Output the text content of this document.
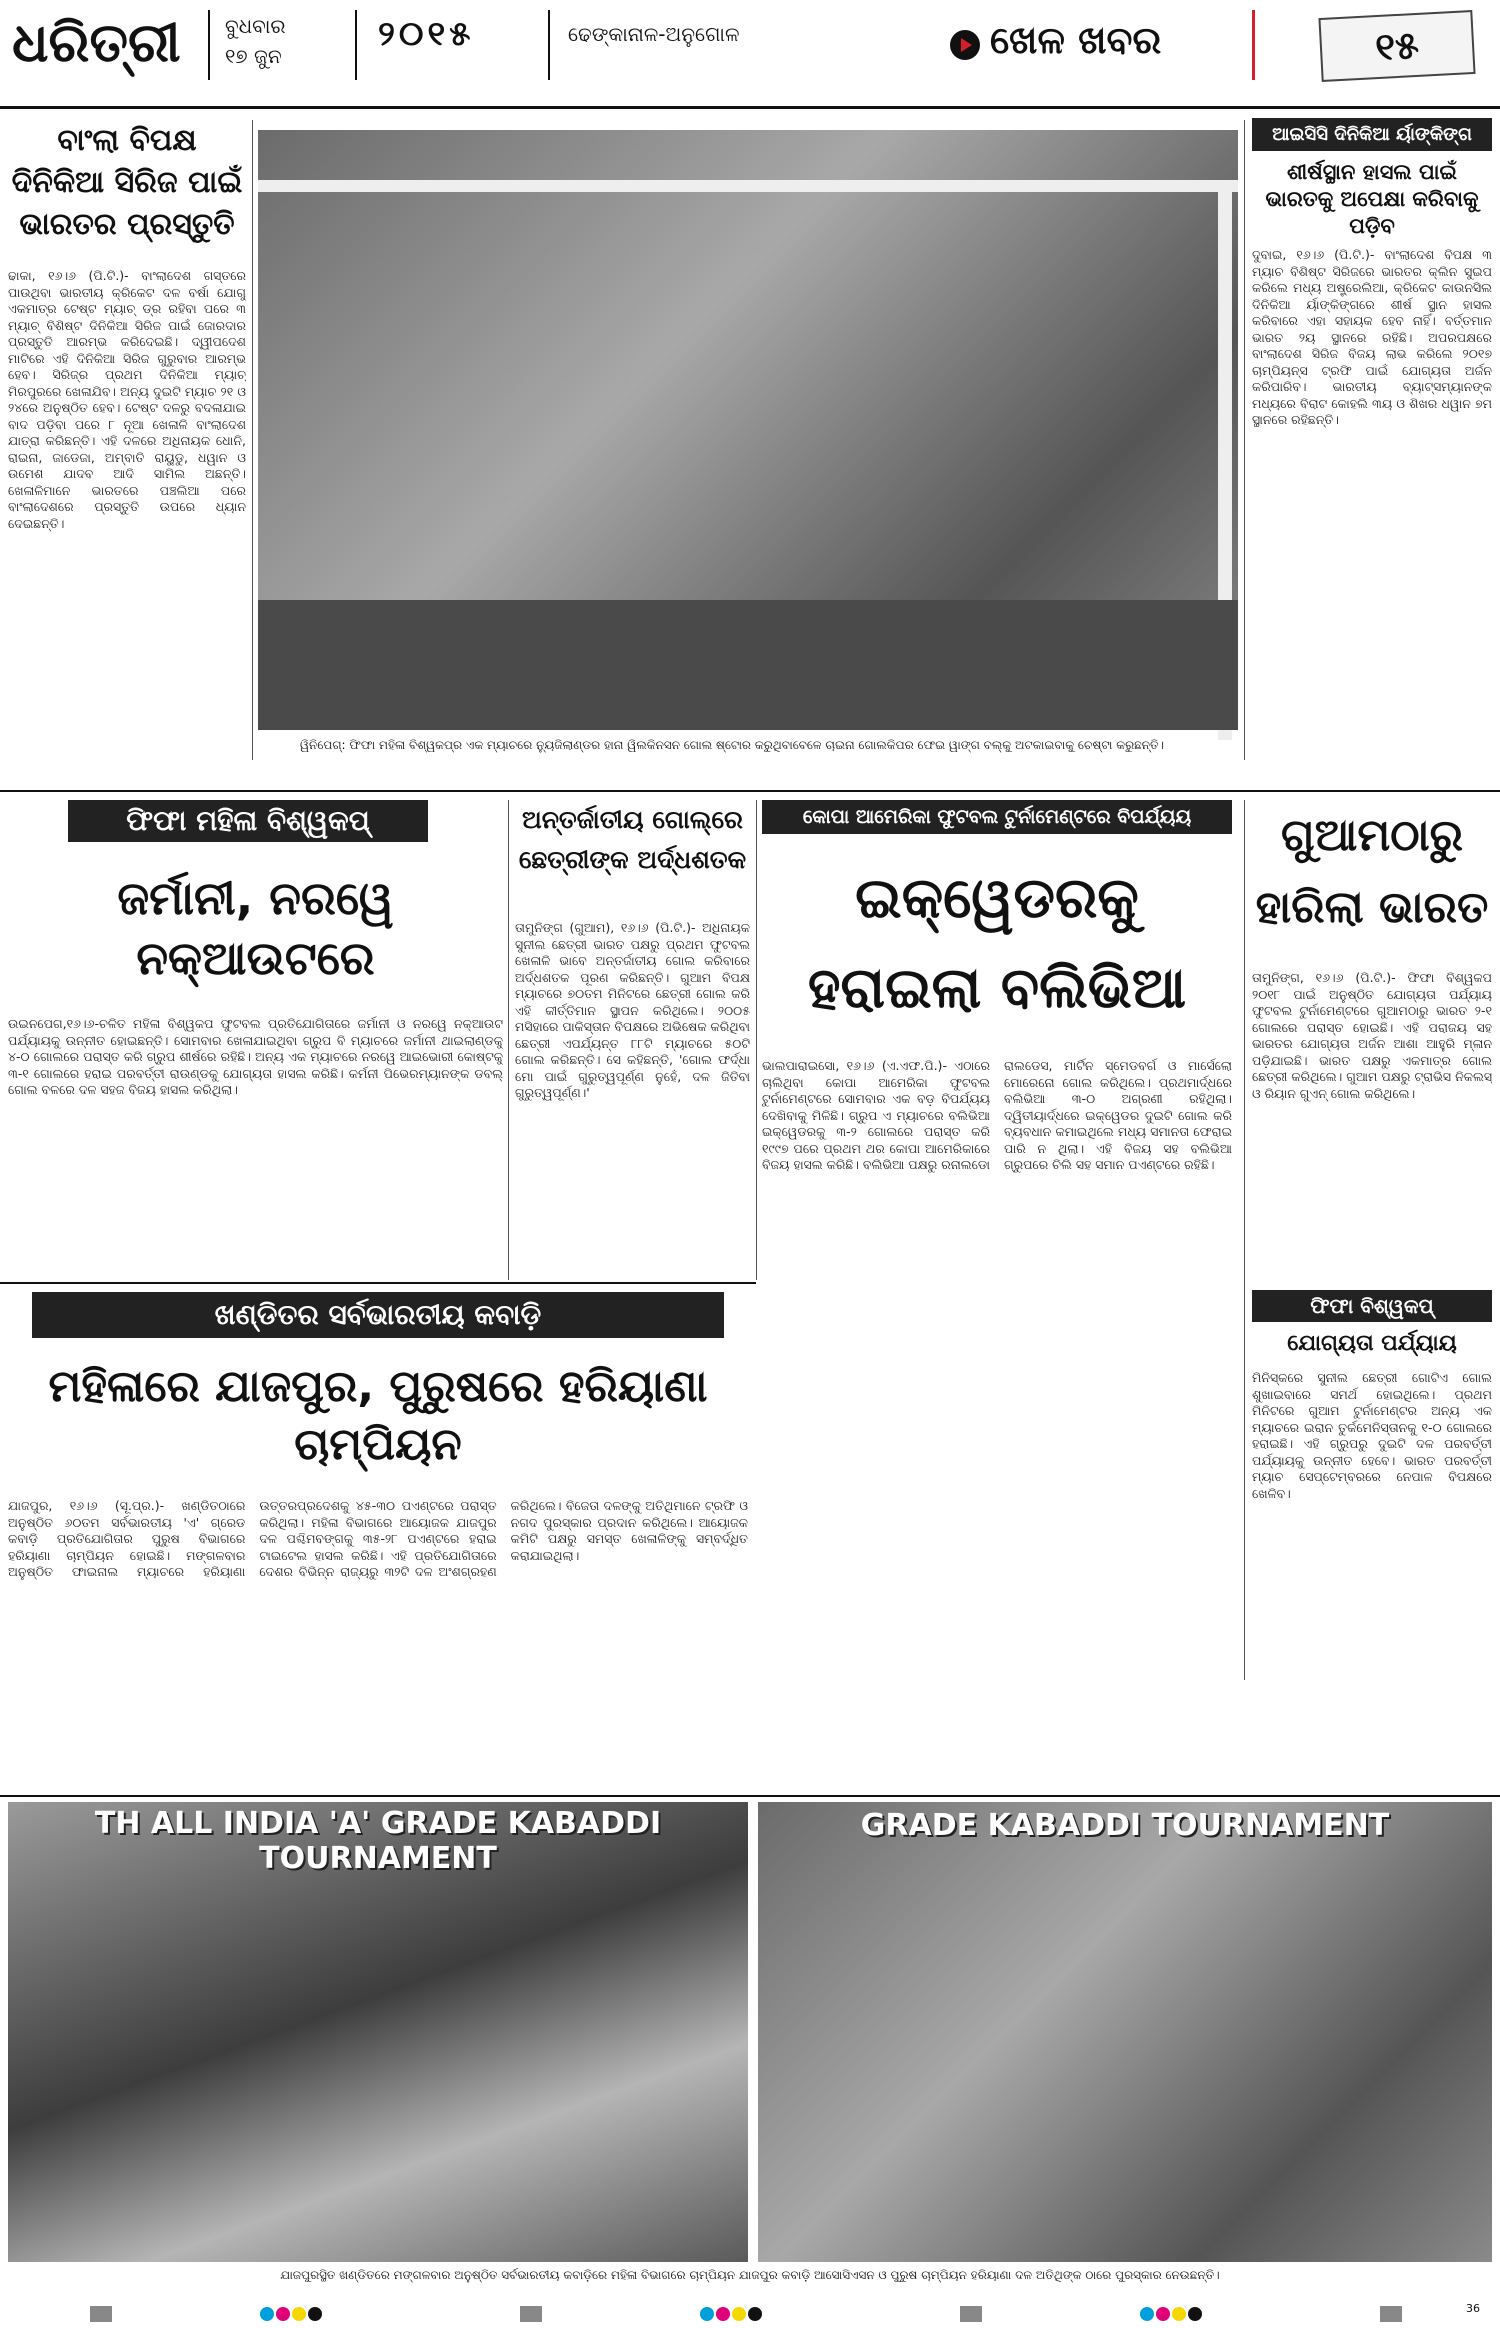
ଧରିତ୍ରୀ ବୁଧବାର
୧୭ ଜୁନ
୨୦୧୫	ଢେଙ୍କାନାଳ-ଅନୁଗୋଳ	ଖେଳ ଖବର	୧୫
ବାଂଲା ବିପକ୍ଷ ଦିନିକିଆ ସିରିଜ ପାଇଁ ଭାରତର ପ୍ରସ୍ତୁତି
ଢାକା, ୧୬।୬ (ପି.ଟି.)- ବାଂଲାଦେଶ ଗସ୍ତରେ ପାଉଥିବା ଭାରତୀୟ କ୍ରିକେଟ ଦଳ ବର୍ଷା ଯୋଗୁ ଏକମାତ୍ର ଟେଷ୍ଟ ମ୍ୟାଚ୍ ଡ୍ର ରହିବା ପରେ ୩ ମ୍ୟାଚ୍ ବିଶିଷ୍ଟ ଦିନିକିଆ ସିରିଜ ପାଇଁ ଜୋରଦାର ପ୍ରସ୍ତୁତି ଆରମ୍ଭ କରିଦେଇଛି। ଦ୍ୱୀପଦେଶ ମାଟିରେ ଏହି ଦିନିକିଆ ସିରିଜ ଗୁରୁବାର ଆରମ୍ଭ ହେବ। ସିରିଜ୍ର ପ୍ରଥମ ଦିନିକିଆ ମ୍ୟାଚ୍ ମିରପୁରରେ ଖେଳାଯିବ। ଅନ୍ୟ ଦୁଇଟି ମ୍ୟାଚ ୨୧ ଓ ୨୪ରେ ଅନୁଷ୍ଠିତ ହେବ। ଟେଷ୍ଟ ଦଳରୁ ବଦଳାଯାଇ ବାଦ ପଡ଼ିବା ପରେ ୮ ନୂଆ ଖେଳାଳି ବାଂଲାଦେଶ ଯାତ୍ରା କରିଛନ୍ତି। ଏହି ଦଳରେ ଅଧିନାୟକ ଧୋନି, ରାଇନା, ଜାଡେଜା, ଅମ୍ବାତି ରାୟୁଡୁ, ଧୱାନ ଓ ଉମେଶ ଯାଦବ ଆଦି ସାମିଲ ଅଛନ୍ତି। ଖେଳାଳିମାନେ ଭାରତରେ ପଞ୍ଚଲିଆ ପରେ ବାଂଲାଦେଶରେ ପ୍ରସ୍ତୁତି ଉପରେ ଧ୍ୟାନ ଦେଇଛନ୍ତି।
ୱିନିପେଗ୍: ଫିଫା ମହିଳା ବିଶ୍ୱକପ୍ର ଏକ ମ୍ୟାଚରେ ନ୍ୟୁଜିଲାଣ୍ଡର ହାନା ୱିଲକିନସନ ଗୋଲ ଷ୍ଟୋର କରୁଥିବାବେଳେ ଚାଇନା ଗୋଲକିପର ଫେଇ ୱାଙ୍ଗ ବଲ୍କୁ ଅଟକାଇବାକୁ ଚେଷ୍ଟା କରୁଛନ୍ତି।
ଆଇସିସି ଦିନିକିଆ ର୍ୟାଙ୍କିଙ୍ଗ
ଶୀର୍ଷସ୍ଥାନ ହାସଲ ପାଇଁ ଭାରତକୁ ଅପେକ୍ଷା କରିବାକୁ ପଡ଼ିବ
ଦୁବାଇ, ୧୬।୬ (ପି.ଟି.)- ବାଂଲାଦେଶ ବିପକ୍ଷ ୩ ମ୍ୟାଚ ବିଶିଷ୍ଟ ସିରିଜରେ ଭାରତର କ୍ଲିନ ସୁଇପ କରିଲେ ମଧ୍ୟ ଅଷ୍ଟ୍ରେଲିଆ, କ୍ରିକେଟ କାଉନସିଲ ଦିନିକିଆ ର୍ୟାଙ୍କିଙ୍ଗରେ ଶୀର୍ଷ ସ୍ଥାନ ହାସଲ କରିବାରେ ଏହା ସହାୟକ ହେବ ନାହିଁ। ବର୍ତ୍ତମାନ ଭାରତ ୨ୟ ସ୍ଥାନରେ ରହିଛି। ଅପରପକ୍ଷରେ ବାଂଲାଦେଶ ସିରିଜ ବିଜୟ ଲାଭ କରିଲେ ୨୦୧୭ ଚାମ୍ପିୟନ୍ସ ଟ୍ରଫି ପାଇଁ ଯୋଗ୍ୟତା ଅର୍ଜନ କରିପାରିବ। ଭାରତୀୟ ବ୍ୟାଟ୍ସମ୍ୟାନଙ୍କ ମଧ୍ୟରେ ବିରାଟ କୋହଲି ୩ୟ ଓ ଶିଖର ଧୱାନ ୭ମ ସ୍ଥାନରେ ରହିଛନ୍ତି।
ଫିଫା ମହିଳା ବିଶ୍ୱକପ୍
ଜର୍ମାନୀ, ନରୱେ ନକ୍ଆଉଟରେ
ଉଇନପେଗ,୧୬।୬-ଚଳିତ ମହିଳା ବିଶ୍ୱକପ ଫୁଟବଲ ପ୍ରତିଯୋଗିତାରେ ଜର୍ମାନୀ ଓ ନରୱେ ନକ୍ଆଉଟ ପର୍ଯ୍ୟାୟକୁ ଉନ୍ନୀତ ହୋଇଛନ୍ତି। ସୋମବାର ଖେଳାଯାଇଥିବା ଗ୍ରୁପ ବି ମ୍ୟାଚରେ ଜର୍ମାନୀ ଥାଇଲାଣ୍ଡକୁ ୪-୦ ଗୋଲରେ ପରାସ୍ତ କରି ଗ୍ରୁପ ଶୀର୍ଷରେ ରହିଛି। ଅନ୍ୟ ଏକ ମ୍ୟାଚରେ ନରୱେ ଆଇଭୋରୀ କୋଷ୍ଟକୁ ୩-୧ ଗୋଲରେ ହରାଇ ପରବର୍ତ୍ତୀ ରାଉଣ୍ଡକୁ ଯୋଗ୍ୟତା ହାସଲ କରିଛି। କର୍ମନୀ ପିଭେରମ୍ୟାନଙ୍କ ଡବଲ୍ ଗୋଲ ବଳରେ ଦଳ ସହଜ ବିଜୟ ହାସଲ କରିଥିଲା।
ଅନ୍ତର୍ଜାତୀୟ ଗୋଲ୍ରେ ଛେତ୍ରୀଙ୍କ ଅର୍ଦ୍ଧଶତକ
ତାମୁନିଙ୍ଗ (ଗୁଆମ), ୧୬।୬ (ପି.ଟି.)- ଅଧିନାୟକ ସୁନୀଲ ଛେତ୍ରୀ ଭାରତ ପକ୍ଷରୁ ପ୍ରଥମ ଫୁଟବଲ ଖେଳାଳି ଭାବେ ଅନ୍ତର୍ଜାତୀୟ ଗୋଲ କରିବାରେ ଅର୍ଦ୍ଧଶତକ ପୂରଣ କରିଛନ୍ତି। ଗୁଆମ ବିପକ୍ଷ ମ୍ୟାଚରେ ୭୦ତମ ମିନିଟରେ ଛେତ୍ରୀ ଗୋଲ କରି ଏହି କୀର୍ତ୍ତିମାନ ସ୍ଥାପନ କରିଥିଲେ। ୨୦୦୫ ମସିହାରେ ପାକିସ୍ତାନ ବିପକ୍ଷରେ ଅଭିଷେକ କରିଥିବା ଛେତ୍ରୀ ଏପର୍ଯ୍ୟନ୍ତ ୮୮ଟି ମ୍ୟାଚରେ ୫୦ଟି ଗୋଲ କରିଛନ୍ତି। ସେ କହିଛନ୍ତି, 'ଗୋଲ ଫର୍ଦ୍ଧା ମୋ ପାଇଁ ଗୁରୁତ୍ୱପୂର୍ଣ୍ଣ ନୁହେଁ, ଦଳ ଜିତିବା ଗୁରୁତ୍ୱପୂର୍ଣ୍ଣ।'
କୋପା ଆମେରିକା ଫୁଟବଲ ଟୁର୍ନାମେଣ୍ଟରେ ବିପର୍ଯ୍ୟୟ
ଇକ୍ୱେଡରକୁ ହରାଇଲା ବଲିଭିଆ
ଭାଲପାରାଇସୋ, ୧୬।୬ (ଏ.ଏଫ.ପି.)- ଏଠାରେ ଚାଲିଥିବା କୋପା ଆମେରିକା ଫୁଟବଲ ଟୁର୍ନାମେଣ୍ଟରେ ସୋମବାର ଏକ ବଡ଼ ବିପର୍ଯ୍ୟୟ ଦେଖିବାକୁ ମିଳିଛି। ଗ୍ରୁପ ଏ ମ୍ୟାଚରେ ବଲିଭିଆ ଇକ୍ୱେଡରକୁ ୩-୨ ଗୋଲରେ ପରାସ୍ତ କରି ୧୯୯୭ ପରେ ପ୍ରଥମ ଥର କୋପା ଆମେରିକାରେ ବିଜୟ ହାସଲ କରିଛି। ବଲିଭିଆ ପକ୍ଷରୁ ରନାଲଡୋ ରାଲଡେସ, ମାର୍ଟିନ ସ୍ମେଡବର୍ଗ ଓ ମାର୍ସେଲୋ ମୋରେନୋ ଗୋଲ କରିଥିଲେ। ପ୍ରଥମାର୍ଦ୍ଧରେ ବଲିଭିଆ ୩-୦ ଅଗ୍ରଣୀ ରହିଥିଲା। ଦ୍ୱିତୀୟାର୍ଦ୍ଧରେ ଇକ୍ୱେଡର ଦୁଇଟି ଗୋଲ କରି ବ୍ୟବଧାନ କମାଇଥିଲେ ମଧ୍ୟ ସମାନତା ଫେରାଇ ପାରି ନ ଥିଲା। ଏହି ବିଜୟ ସହ ବଲିଭିଆ ଗ୍ରୁପରେ ଚିଲି ସହ ସମାନ ପଏଣ୍ଟରେ ରହିଛି।
ଗୁଆମଠାରୁ ହାରିଲା ଭାରତ
ତାମୁନିଙ୍ଗ, ୧୬।୬ (ପି.ଟି.)- ଫିଫା ବିଶ୍ୱକପ ୨୦୧୮ ପାଇଁ ଅନୁଷ୍ଠିତ ଯୋଗ୍ୟତା ପର୍ଯ୍ୟାୟ ଫୁଟବଲ ଟୁର୍ନାମେଣ୍ଟରେ ଗୁଆମଠାରୁ ଭାରତ ୨-୧ ଗୋଲରେ ପରାସ୍ତ ହୋଇଛି। ଏହି ପରାଜୟ ସହ ଭାରତର ଯୋଗ୍ୟତା ଅର୍ଜନ ଆଶା ଆହୁରି ମ୍ଳାନ ପଡ଼ିଯାଇଛି। ଭାରତ ପକ୍ଷରୁ ଏକମାତ୍ର ଗୋଲ ଛେତ୍ରୀ କରିଥିଲେ। ଗୁଆମ ପକ୍ଷରୁ ଟ୍ରାଭିସ ନିକଲସ୍ ଓ ରିୟାନ ଗୁଏନ୍ ଗୋଲ କରିଥିଲେ।
ଫିଫା ବିଶ୍ୱକପ୍
ଯୋଗ୍ୟତା ପର୍ଯ୍ୟାୟ
ମିନିସ୍କରେ ସୁନୀଲ ଛେତ୍ରୀ ଗୋଟିଏ ଗୋଲ ଶୁଖାଇବାରେ ସମର୍ଥ ହୋଇଥିଲେ। ପ୍ରଥମ ମିନିଟରେ ଗୁଆମ ଟୁର୍ନାମେଣ୍ଟର ଅନ୍ୟ ଏକ ମ୍ୟାଚରେ ଇରାନ ତୁର୍କମେନିସ୍ତାନକୁ ୧-୦ ଗୋଲରେ ହରାଇଛି। ଏହି ଗ୍ରୁପରୁ ଦୁଇଟି ଦଳ ପରବର୍ତ୍ତୀ ପର୍ଯ୍ୟାୟକୁ ଉନ୍ନୀତ ହେବେ। ଭାରତ ପରବର୍ତ୍ତୀ ମ୍ୟାଚ ସେପ୍ଟେମ୍ବରରେ ନେପାଳ ବିପକ୍ଷରେ ଖେଳିବ।
ଖଣ୍ଡିତର ସର୍ବଭାରତୀୟ କବାଡ଼ି
ମହିଳାରେ ଯାଜପୁର, ପୁରୁଷରେ ହରିୟାଣା ଚାମ୍ପିୟନ
ଯାଜପୁର, ୧୬।୬ (ସୂ.ପ୍ର.)- ଖଣ୍ଡିତଠାରେ ଅନୁଷ୍ଠିତ ୬୦ତମ ସର୍ବଭାରତୀୟ 'ଏ' ଗ୍ରେଡ କବାଡ଼ି ପ୍ରତିଯୋଗିତାର ପୁରୁଷ ବିଭାଗରେ ହରିୟାଣା ଚାମ୍ପିୟନ ହୋଇଛି। ମଙ୍ଗଳବାର ଅନୁଷ୍ଠିତ ଫାଇନାଲ ମ୍ୟାଚରେ ହରିୟାଣା ଉତ୍ତରପ୍ରଦେଶକୁ ୪୫-୩୦ ପଏଣ୍ଟରେ ପରାସ୍ତ କରିଥିଲା। ମହିଳା ବିଭାଗରେ ଆୟୋଜକ ଯାଜପୁର ଦଳ ପଶ୍ଚିମବଙ୍ଗକୁ ୩୫-୨୮ ପଏଣ୍ଟରେ ହରାଇ ଟାଇଟେଲ ହାସଲ କରିଛି। ଏହି ପ୍ରତିଯୋଗିତାରେ ଦେଶର ବିଭିନ୍ନ ରାଜ୍ୟରୁ ୩୨ଟି ଦଳ ଅଂଶଗ୍ରହଣ କରିଥିଲେ। ବିଜେତା ଦଳଙ୍କୁ ଅତିଥିମାନେ ଟ୍ରଫି ଓ ନଗଦ ପୁରସ୍କାର ପ୍ରଦାନ କରିଥିଲେ। ଆୟୋଜକ କମିଟି ପକ୍ଷରୁ ସମସ୍ତ ଖେଳାଳିଙ୍କୁ ସମ୍ବର୍ଦ୍ଧିତ କରାଯାଇଥିଲା।
TH ALL INDIA 'A' GRADE KABADDI TOURNAMENT
GRADE KABADDI TOURNAMENT
ଯାଜପୁରସ୍ଥିତ ଖଣ୍ଡିତରେ ମଙ୍ଗଳବାର ଅନୁଷ୍ଠିତ ସର୍ବଭାରତୀୟ କବାଡ଼ିରେ ମହିଳା ବିଭାଗରେ ଚାମ୍ପିୟନ ଯାଜପୁର କବାଡ଼ି ଆସୋସିଏସନ ଓ ପୁରୁଷ ଚାମ୍ପିୟନ ହରିୟାଣା ଦଳ ଅତିଥିଙ୍କ ଠାରେ ପୁରସ୍କାର ନେଉଛନ୍ତି।
36
